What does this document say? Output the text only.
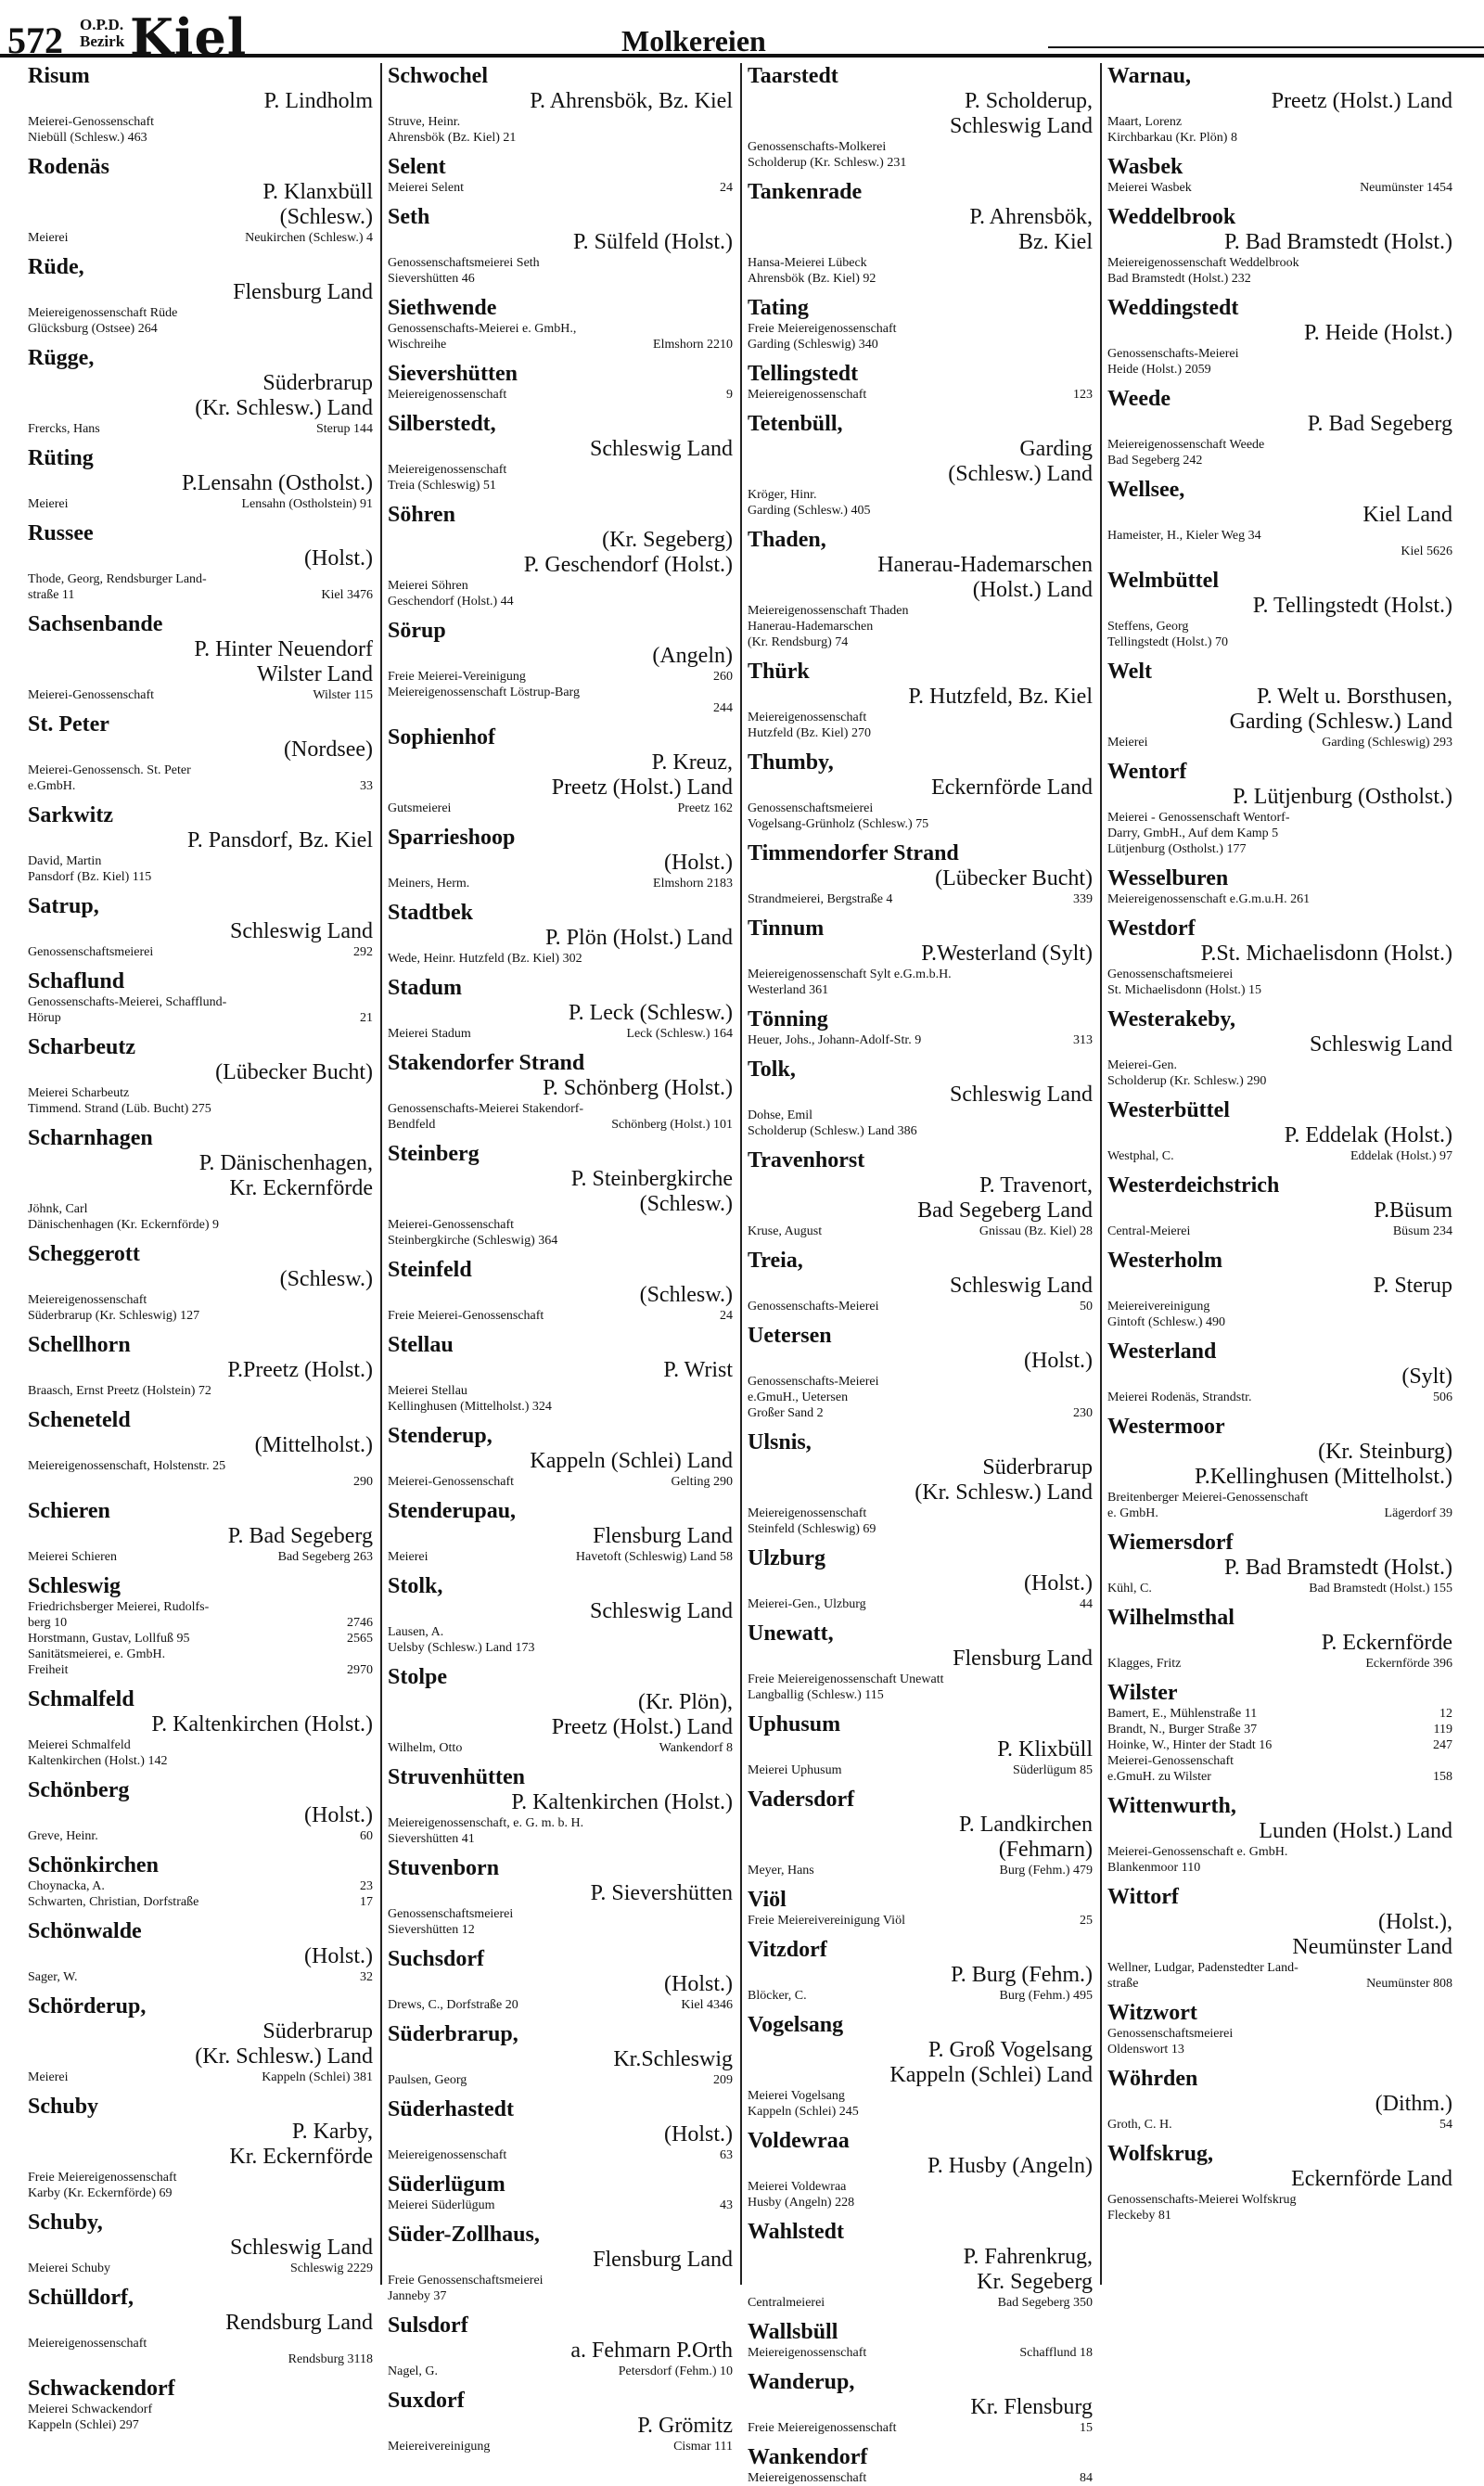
572 O.P.D.
Bezirk Kiel	Molkereien
Risum
P. Lindholm
Meierei-Genossenschaft
Niebüll (Schlesw.) 463
Rodenäs
P. Klanxbüll
(Schlesw.)
Meierei	Neukirchen (Schlesw.) 4
Rüde,
Flensburg Land
Meiereigenossenschaft Rüde
Glücksburg (Ostsee) 264
Rügge,
Süderbrarup
(Kr. Schlesw.) Land
Frercks, Hans	Sterup 144
Rüting
P.Lensahn (Ostholst.)
Meierei	Lensahn (Ostholstein) 91
Russee
(Holst.)
Thode, Georg, Rendsburger Land-
straße 11	Kiel 3476
Sachsenbande
P. Hinter Neuendorf
Wilster Land
Meierei-Genossenschaft	Wilster 115
St. Peter
(Nordsee)
Meierei-Genossensch. St. Peter
e.GmbH.	33
Sarkwitz
P. Pansdorf, Bz. Kiel
David, Martin
Pansdorf (Bz. Kiel) 115
Satrup,
Schleswig Land
Genossenschaftsmeierei	292
Schaflund
Genossenschafts-Meierei, Schafflund-
Hörup	21
Scharbeutz
(Lübecker Bucht)
Meierei Scharbeutz
Timmend. Strand (Lüb. Bucht) 275
Scharnhagen
P. Dänischenhagen,
Kr. Eckernförde
Jöhnk, Carl
Dänischenhagen (Kr. Eckernförde) 9
Scheggerott
(Schlesw.)
Meiereigenossenschaft
Süderbrarup (Kr. Schleswig) 127
Schellhorn
P.Preetz (Holst.)
Braasch, Ernst Preetz (Holstein) 72
Scheneteld
(Mittelholst.)
Meiereigenossenschaft, Holstenstr. 25
290
Schieren
P. Bad Segeberg
Meierei Schieren	Bad Segeberg 263
Schleswig
Friedrichsberger Meierei, Rudolfs-
berg 10	2746
Horstmann, Gustav, Lollfuß 95	2565
Sanitätsmeierei, e. GmbH.
Freiheit	2970
Schmalfeld
P. Kaltenkirchen (Holst.)
Meierei Schmalfeld
Kaltenkirchen (Holst.) 142
Schönberg
(Holst.)
Greve, Heinr.	60
Schönkirchen
Choynacka, A.	23
Schwarten, Christian, Dorfstraße	17
Schönwalde
(Holst.)
Sager, W.	32
Schörderup,
Süderbrarup
(Kr. Schlesw.) Land
Meierei	Kappeln (Schlei) 381
Schuby
P. Karby,
Kr. Eckernförde
Freie Meiereigenossenschaft
Karby (Kr. Eckernförde) 69
Schuby,
Schleswig Land
Meierei Schuby	Schleswig 2229
Schülldorf,
Rendsburg Land
Meiereigenossenschaft
Rendsburg 3118
Schwackendorf
Meierei Schwackendorf
Kappeln (Schlei) 297
Schwochel
P. Ahrensbök, Bz. Kiel
Struve, Heinr.
Ahrensbök (Bz. Kiel) 21
Selent
Meierei Selent	24
Seth
P. Sülfeld (Holst.)
Genossenschaftsmeierei Seth
Sievershütten 46
Siethwende
Genossenschafts-Meierei e. GmbH.,
Wischreihe	Elmshorn 2210
Sievershütten
Meiereigenossenschaft	9
Silberstedt,
Schleswig Land
Meiereigenossenschaft
Treia (Schleswig) 51
Söhren
(Kr. Segeberg)
P. Geschendorf (Holst.)
Meierei Söhren
Geschendorf (Holst.) 44
Sörup
(Angeln)
Freie Meierei-Vereinigung	260
Meiereigenossenschaft Löstrup-Barg
244
Sophienhof
P. Kreuz,
Preetz (Holst.) Land
Gutsmeierei	Preetz 162
Sparrieshoop
(Holst.)
Meiners, Herm.	Elmshorn 2183
Stadtbek
P. Plön (Holst.) Land
Wede, Heinr. Hutzfeld (Bz. Kiel) 302
Stadum
P. Leck (Schlesw.)
Meierei Stadum	Leck (Schlesw.) 164
Stakendorfer Strand
P. Schönberg (Holst.)
Genossenschafts-Meierei Stakendorf-
Bendfeld	Schönberg (Holst.) 101
Steinberg
P. Steinbergkirche
(Schlesw.)
Meierei-Genossenschaft
Steinbergkirche (Schleswig) 364
Steinfeld
(Schlesw.)
Freie Meierei-Genossenschaft	24
Stellau
P. Wrist
Meierei Stellau
Kellinghusen (Mittelholst.) 324
Stenderup,
Kappeln (Schlei) Land
Meierei-Genossenschaft	Gelting 290
Stenderupau,
Flensburg Land
Meierei	Havetoft (Schleswig) Land 58
Stolk,
Schleswig Land
Lausen, A.
Uelsby (Schlesw.) Land 173
Stolpe
(Kr. Plön),
Preetz (Holst.) Land
Wilhelm, Otto	Wankendorf 8
Struvenhütten
P. Kaltenkirchen (Holst.)
Meiereigenossenschaft, e. G. m. b. H.
Sievershütten 41
Stuvenborn
P. Sievershütten
Genossenschaftsmeierei
Sievershütten 12
Suchsdorf
(Holst.)
Drews, C., Dorfstraße 20	Kiel 4346
Süderbrarup,
Kr.Schleswig
Paulsen, Georg	209
Süderhastedt
(Holst.)
Meiereigenossenschaft	63
Süderlügum
Meierei Süderlügum	43
Süder-Zollhaus,
Flensburg Land
Freie Genossenschaftsmeierei
Janneby 37
Sulsdorf
a. Fehmarn P.Orth
Nagel, G.	Petersdorf (Fehm.) 10
Suxdorf
P. Grömitz
Meiereivereinigung	Cismar 111
Taarstedt
P. Scholderup,
Schleswig Land
Genossenschafts-Molkerei
Scholderup (Kr. Schlesw.) 231
Tankenrade
P. Ahrensbök,
Bz. Kiel
Hansa-Meierei Lübeck
Ahrensbök (Bz. Kiel) 92
Tating
Freie Meiereigenossenschaft
Garding (Schleswig) 340
Tellingstedt
Meiereigenossenschaft	123
Tetenbüll,
Garding
(Schlesw.) Land
Kröger, Hinr.
Garding (Schlesw.) 405
Thaden,
Hanerau-Hademarschen
(Holst.) Land
Meiereigenossenschaft Thaden
Hanerau-Hademarschen
(Kr. Rendsburg) 74
Thürk
P. Hutzfeld, Bz. Kiel
Meiereigenossenschaft
Hutzfeld (Bz. Kiel) 270
Thumby,
Eckernförde Land
Genossenschaftsmeierei
Vogelsang-Grünholz (Schlesw.) 75
Timmendorfer Strand
(Lübecker Bucht)
Strandmeierei, Bergstraße 4	339
Tinnum
P.Westerland (Sylt)
Meiereigenossenschaft Sylt e.G.m.b.H.
Westerland 361
Tönning
Heuer, Johs., Johann-Adolf-Str. 9	313
Tolk,
Schleswig Land
Dohse, Emil
Scholderup (Schlesw.) Land 386
Travenhorst
P. Travenort,
Bad Segeberg Land
Kruse, August	Gnissau (Bz. Kiel) 28
Treia,
Schleswig Land
Genossenschafts-Meierei	50
Uetersen
(Holst.)
Genossenschafts-Meierei
e.GmuH., Uetersen
Großer Sand 2	230
Ulsnis,
Süderbrarup
(Kr. Schlesw.) Land
Meiereigenossenschaft
Steinfeld (Schleswig) 69
Ulzburg
(Holst.)
Meierei-Gen., Ulzburg	44
Unewatt,
Flensburg Land
Freie Meiereigenossenschaft Unewatt
Langballig (Schlesw.) 115
Uphusum
P. Klixbüll
Meierei Uphusum	Süderlügum 85
Vadersdorf
P. Landkirchen
(Fehmarn)
Meyer, Hans	Burg (Fehm.) 479
Viöl
Freie Meiereivereinigung Viöl	25
Vitzdorf
P. Burg (Fehm.)
Blöcker, C.	Burg (Fehm.) 495
Vogelsang
P. Groß Vogelsang
Kappeln (Schlei) Land
Meierei Vogelsang
Kappeln (Schlei) 245
Voldewraa
P. Husby (Angeln)
Meierei Voldewraa
Husby (Angeln) 228
Wahlstedt
P. Fahrenkrug,
Kr. Segeberg
Centralmeierei	Bad Segeberg 350
Wallsbüll
Meiereigenossenschaft	Schafflund 18
Wanderup,
Kr. Flensburg
Freie Meiereigenossenschaft	15
Wankendorf
Meiereigenossenschaft	84
Warnau,
Preetz (Holst.) Land
Maart, Lorenz
Kirchbarkau (Kr. Plön) 8
Wasbek
Meierei Wasbek	Neumünster 1454
Weddelbrook
P. Bad Bramstedt (Holst.)
Meiereigenossenschaft Weddelbrook
Bad Bramstedt (Holst.) 232
Weddingstedt
P. Heide (Holst.)
Genossenschafts-Meierei
Heide (Holst.) 2059
Weede
P. Bad Segeberg
Meiereigenossenschaft Weede
Bad Segeberg 242
Wellsee,
Kiel Land
Hameister, H., Kieler Weg 34
Kiel 5626
Welmbüttel
P. Tellingstedt (Holst.)
Steffens, Georg
Tellingstedt (Holst.) 70
Welt
P. Welt u. Borsthusen,
Garding (Schlesw.) Land
Meierei	Garding (Schleswig) 293
Wentorf
P. Lütjenburg (Ostholst.)
Meierei - Genossenschaft Wentorf-
Darry, GmbH., Auf dem Kamp 5
Lütjenburg (Ostholst.) 177
Wesselburen
Meiereigenossenschaft e.G.m.u.H. 261
Westdorf
P.St. Michaelisdonn (Holst.)
Genossenschaftsmeierei
St. Michaelisdonn (Holst.) 15
Westerakeby,
Schleswig Land
Meierei-Gen.
Scholderup (Kr. Schlesw.) 290
Westerbüttel
P. Eddelak (Holst.)
Westphal, C.	Eddelak (Holst.) 97
Westerdeichstrich
P.Büsum
Central-Meierei	Büsum 234
Westerholm
P. Sterup
Meiereivereinigung
Gintoft (Schlesw.) 490
Westerland
(Sylt)
Meierei Rodenäs, Strandstr.	506
Westermoor
(Kr. Steinburg)
P.Kellinghusen (Mittelholst.)
Breitenberger Meierei-Genossenschaft
e. GmbH.	Lägerdorf 39
Wiemersdorf
P. Bad Bramstedt (Holst.)
Kühl, C.	Bad Bramstedt (Holst.) 155
Wilhelmsthal
P. Eckernförde
Klagges, Fritz	Eckernförde 396
Wilster
Bamert, E., Mühlenstraße 11	12
Brandt, N., Burger Straße 37	119
Hoinke, W., Hinter der Stadt 16	247
Meierei-Genossenschaft
e.GmuH. zu Wilster	158
Wittenwurth,
Lunden (Holst.) Land
Meierei-Genossenschaft e. GmbH.
Blankenmoor 110
Wittorf
(Holst.),
Neumünster Land
Wellner, Ludgar, Padenstedter Land-
straße	Neumünster 808
Witzwort
Genossenschaftsmeierei
Oldenswort 13
Wöhrden
(Dithm.)
Groth, C. H.	54
Wolfskrug,
Eckernförde Land
Genossenschafts-Meierei Wolfskrug
Fleckeby 81
